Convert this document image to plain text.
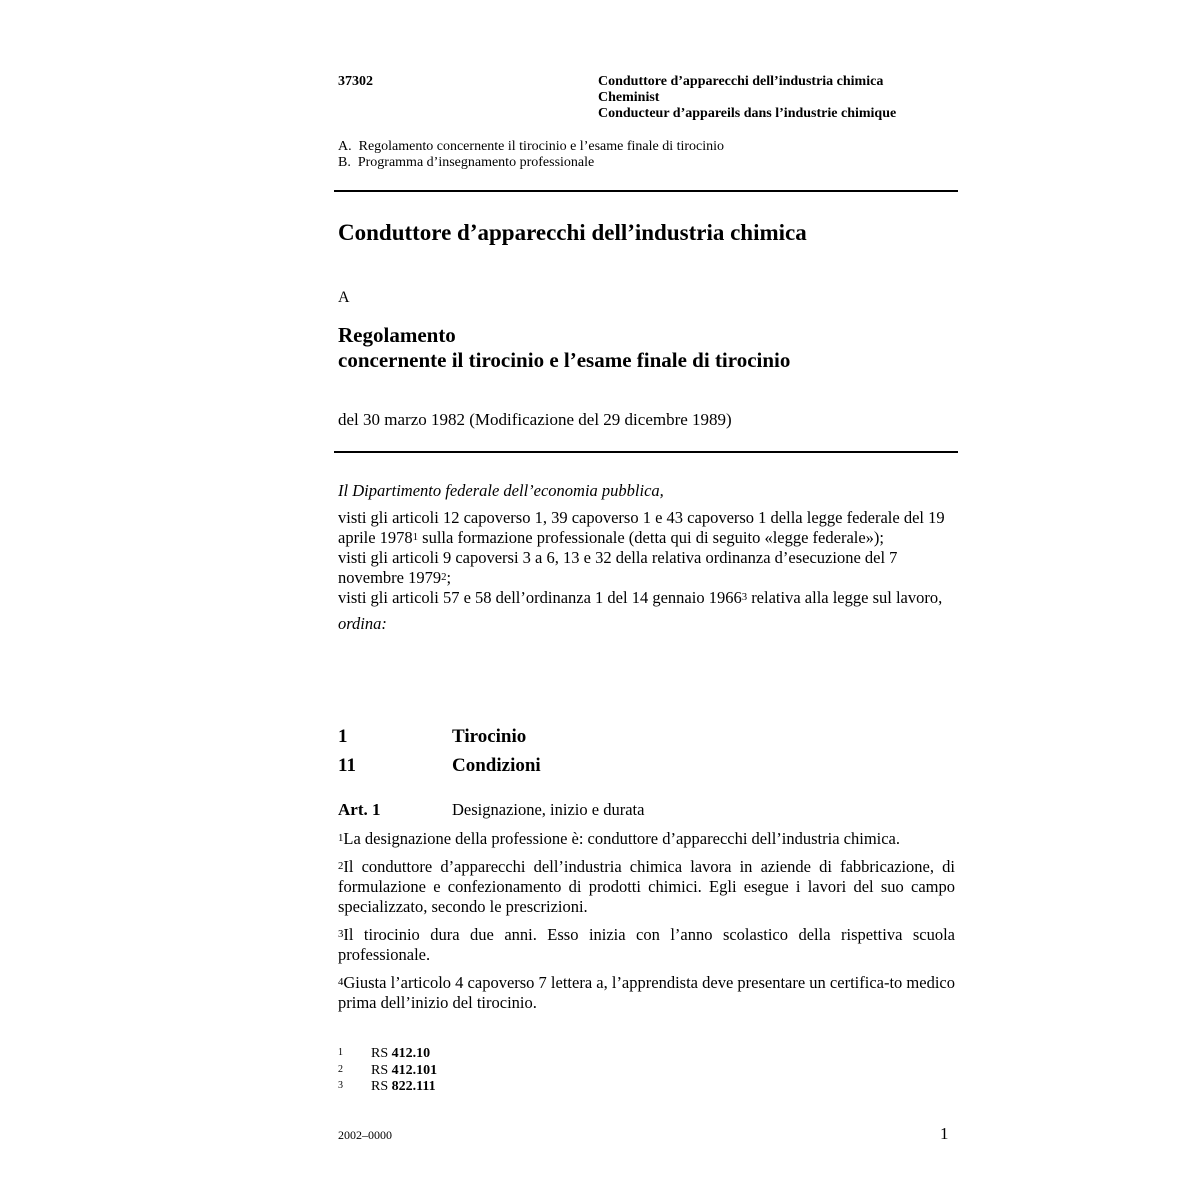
37302	Conduttore d’apparecchi dell’industria chimica
Cheminist
Conducteur d’appareils dans l’industrie chimique
A.  Regolamento concernente il tirocinio e l’esame finale di tirocinio
B.  Programma d’insegnamento professionale
Conduttore d’apparecchi dell’industria chimica
A
Regolamento
concernente il tirocinio e l’esame finale di tirocinio
del 30 marzo 1982 (Modificazione del 29 dicembre 1989)
Il Dipartimento federale dell’economia pubblica,
visti gli articoli 12 capoverso 1, 39 capoverso 1 e 43 capoverso 1 della legge federale del 19 aprile 1978$^1$ sulla formazione professionale (detta qui di seguito «legge federale»);
visti gli articoli 9 capoversi 3 a 6, 13 e 32 della relativa ordinanza d’esecuzione del 7 novembre 1979$^2$;
visti gli articoli 57 e 58 dell’ordinanza 1 del 14 gennaio 1966$^3$ relativa alla legge sul lavoro,
ordina:
1	Tirocinio
11	Condizioni
Art. 1	Designazione, inizio e durata

$^1$La designazione della professione è: conduttore d’apparecchi dell’industria chimica.

$^2$Il conduttore d’apparecchi dell’industria chimica lavora in aziende di fabbricazione, di formulazione e confezionamento di prodotti chimici. Egli esegue i lavori del suo campo specializzato, secondo le prescrizioni.

$^3$Il tirocinio dura due anni. Esso inizia con l’anno scolastico della rispettiva scuola professionale.

$^4$Giusta l’articolo 4 capoverso 7 lettera a, l’apprendista deve presentare un certifica-to medico prima dell’inizio del tirocinio.

1	RS 412.10
2	RS 412.101
3	RS 822.111
2002–0000	1
